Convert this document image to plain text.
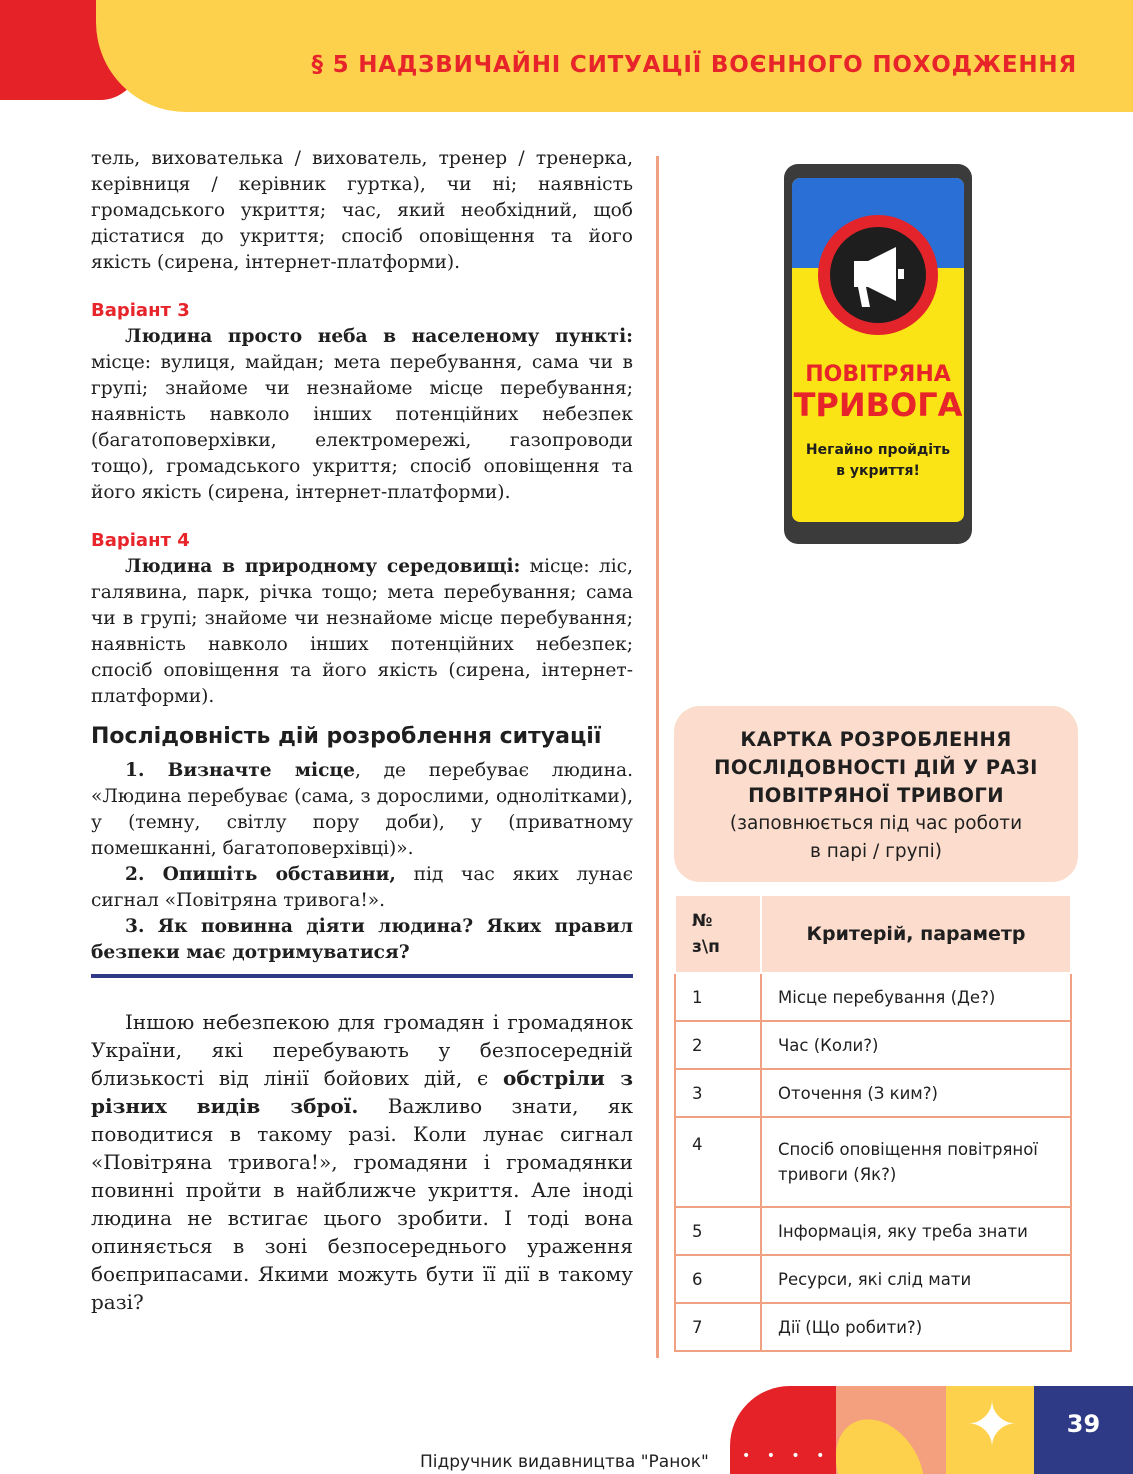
§ 5 НАДЗВИЧАЙНІ СИТУАЦІЇ ВОЄННОГО ПОХОДЖЕННЯ

тель, вихователька / вихователь, тренер / тренерка, керівниця / керівник гуртка), чи ні; наявність громадського укриття; час, який необхідний, щоб дістатися до укриття; спосіб оповіщення та його якість (сирена, інтернет-платформи).

Варіант 3

Людина просто неба в населеному пункті: місце: вулиця, майдан; мета перебування, сама чи в групі; знайоме чи незнайоме місце перебування; наявність навколо інших потенційних небезпек (багатоповерхівки, електромережі, газопроводи тощо), громадського укриття; спосіб оповіщення та його якість (сирена, інтернет-платформи).

Варіант 4

Людина в природному середовищі: місце: ліс, галявина, парк, річка тощо; мета перебування; сама чи в групі; знайоме чи незнайоме місце перебування; наявність навколо інших потенційних небезпек; спосіб оповіщення та його якість (сирена, інтернет-платформи).

Послідовність дій розроблення ситуації

1. Визначте місце, де перебуває людина. «Людина перебуває (сама, з дорослими, однолітками), у (темну, світлу пору доби), у (приватному помешканні, багатоповерхівці)».

2. Опишіть обставини, під час яких лунає сигнал «Повітряна тривога!».

3. Як повинна діяти людина? Яких правил безпеки має дотримуватися?

Іншою небезпекою для громадян і громадянок України, які перебувають у безпосередній близькості від лінії бойових дій, є обстріли з різних видів зброї. Важливо знати, як поводитися в такому разі. Коли лунає сигнал «Повітряна тривога!», громадяни і громадянки повинні пройти в найближче укриття. Але іноді людина не встигає цього зробити. І тоді вона опиняється в зоні безпосереднього ураження боєприпасами. Якими можуть бути її дії в такому разі?

ПОВІТРЯНА
ТРИВОГА
Негайно пройдіть в укриття!
КАРТКА РОЗРОБЛЕННЯ
ПОСЛІДОВНОСТІ ДІЙ У РАЗІ
ПОВІТРЯНОЇ ТРИВОГИ
(заповнюється під час роботи
в парі / групі)
№ з\п	Критерій, параметр
1	Місце перебування (Де?)
2	Час (Коли?)
3	Оточення (З ким?)
4	Спосіб оповіщення повітряної тривоги (Як?)
5	Інформація, яку треба знати
6	Ресурси, які слід мати
7	Дії (Що робити?)
Підручник видавництва "Ранок" • • • • ✦	39
